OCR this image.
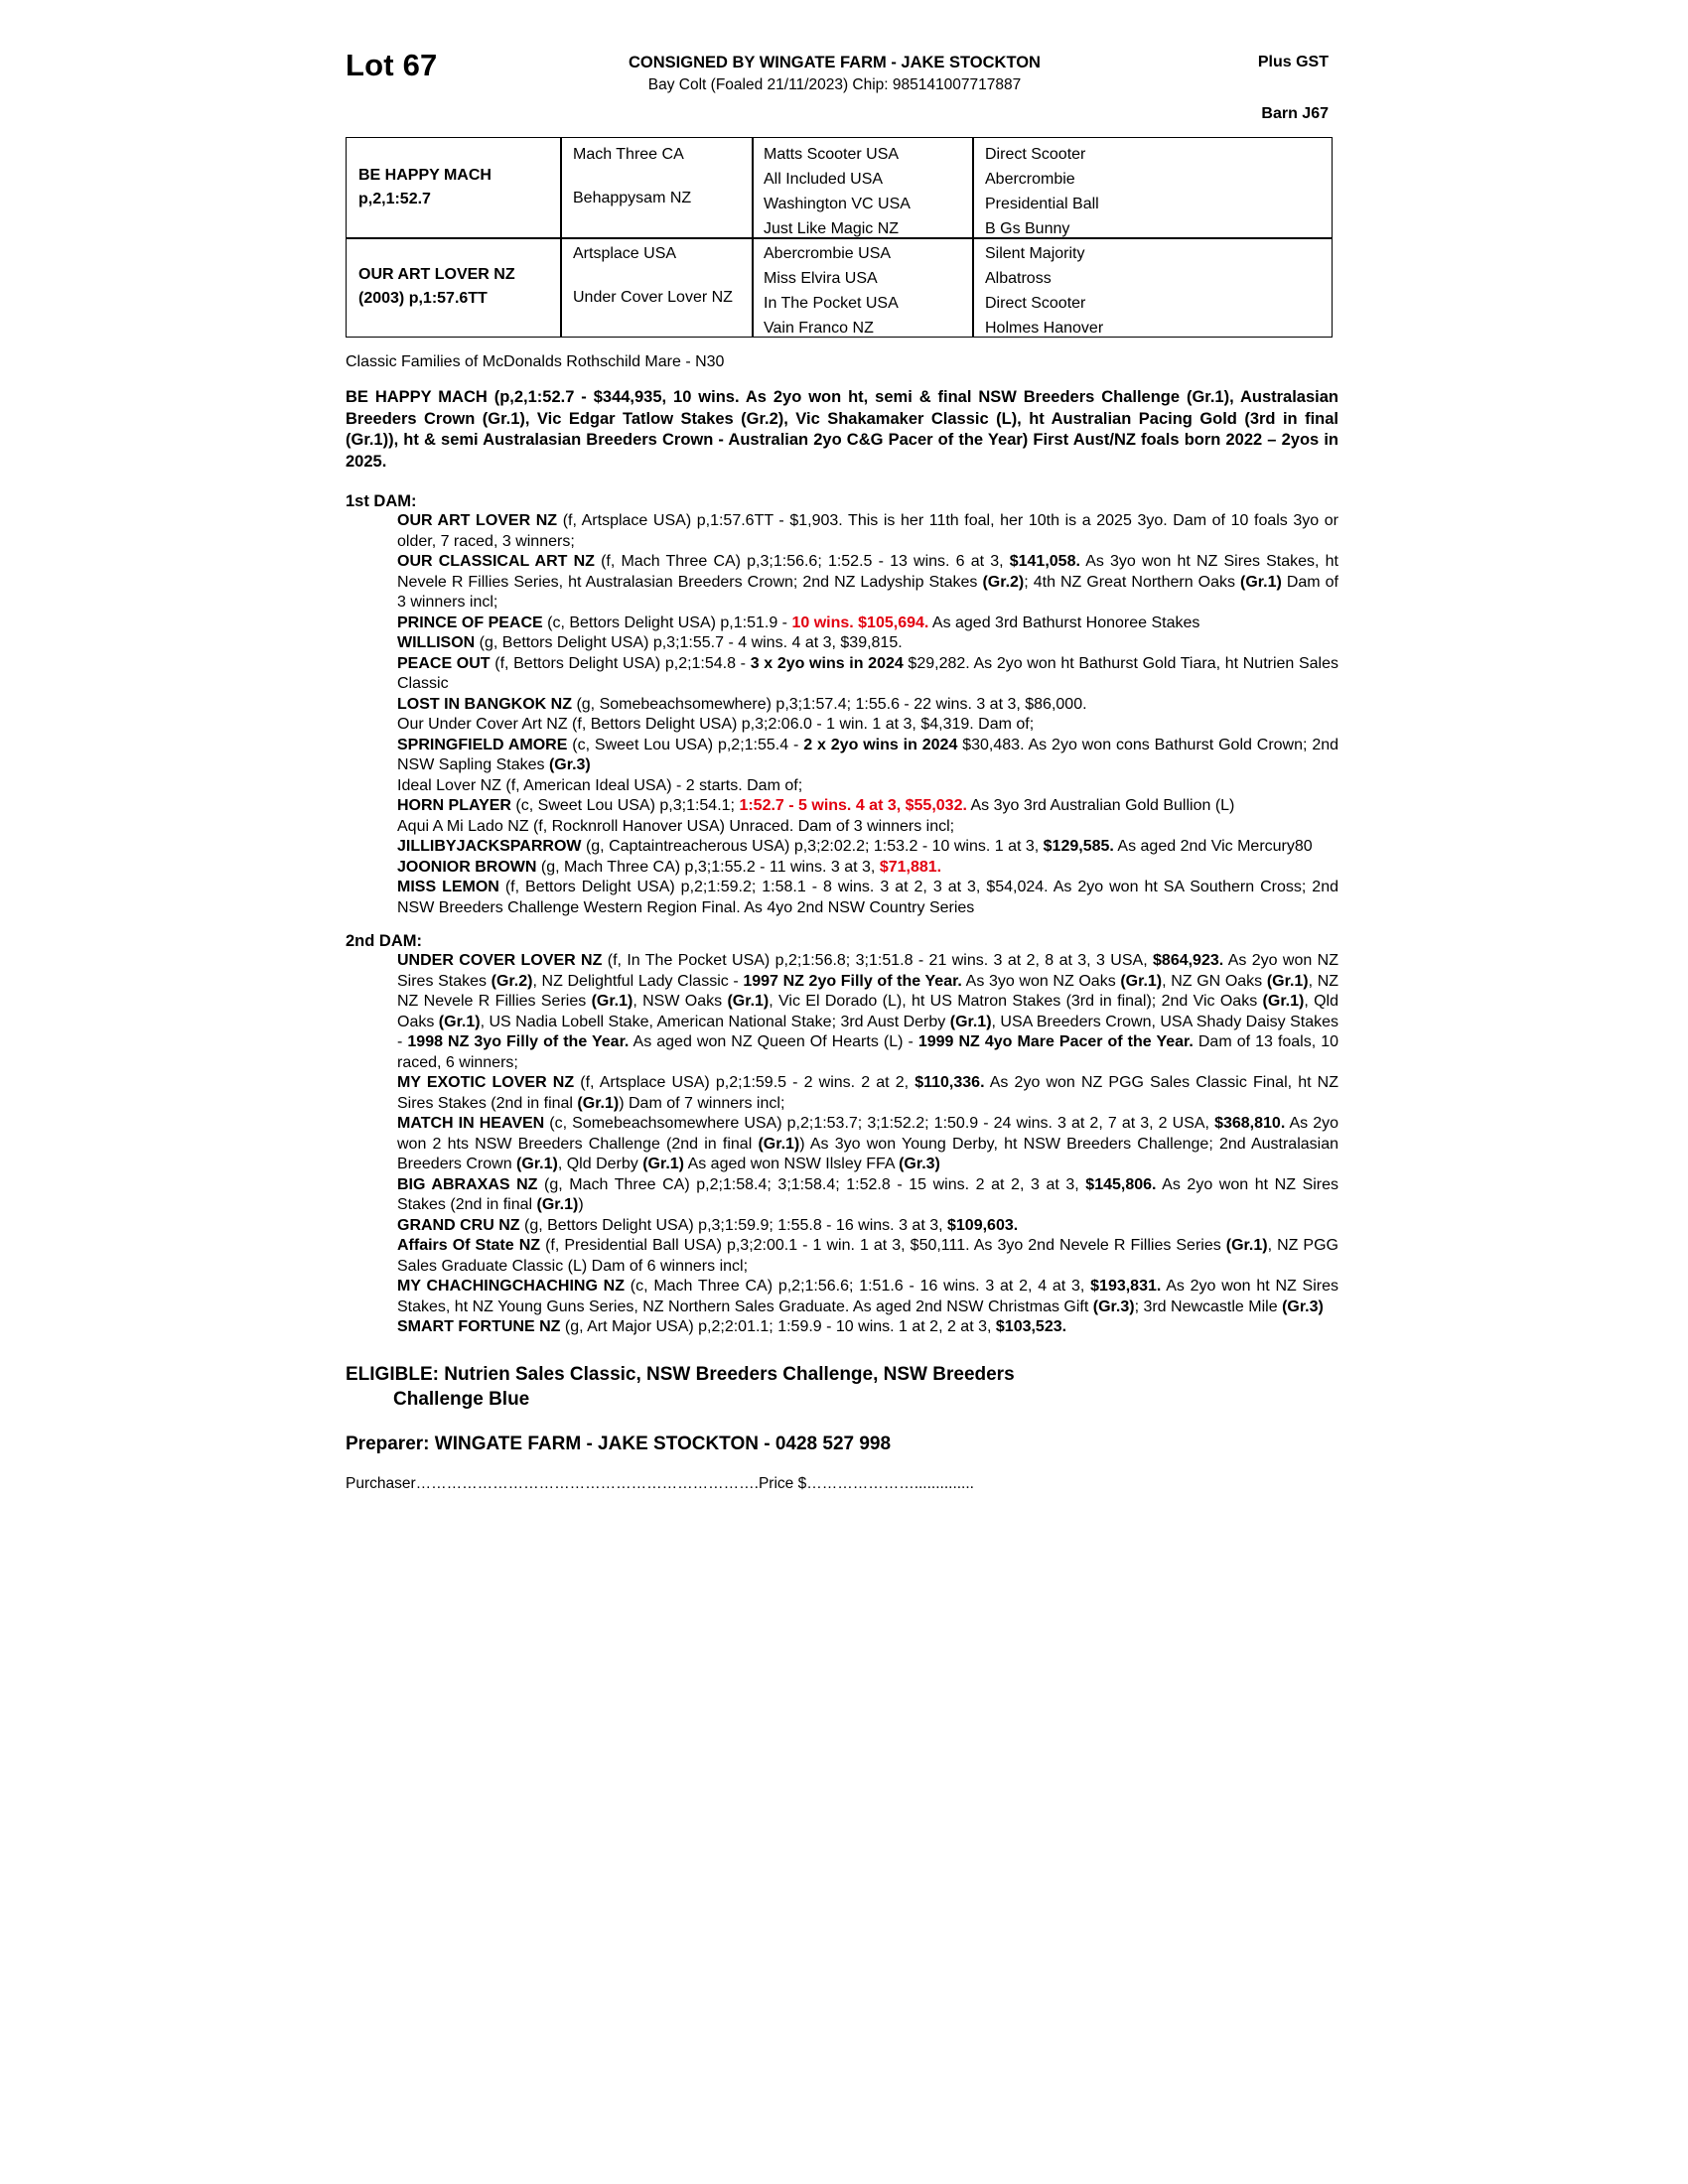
Lot 67	CONSIGNED BY WINGATE FARM - JAKE STOCKTON
Bay Colt (Foaled 21/11/2023) Chip: 985141007717887
Plus GST
Barn J67
BE HAPPY MACH
p,2,1:52.7
OUR ART LOVER NZ
(2003) p,1:57.6TT
Mach Three CA
Behappysam NZ
Artsplace USA
Under Cover Lover NZ
Matts Scooter USA
All Included USA
Washington VC USA
Just Like Magic NZ
Abercrombie USA
Miss Elvira USA
In The Pocket USA
Vain Franco NZ
Direct Scooter
Abercrombie
Presidential Ball
B Gs Bunny
Silent Majority
Albatross
Direct Scooter
Holmes Hanover
Classic Families of McDonalds Rothschild Mare - N30
BE HAPPY MACH (p,2,1:52.7 - $344,935, 10 wins. As 2yo won ht, semi & final NSW Breeders Challenge (Gr.1), Australasian Breeders Crown (Gr.1), Vic Edgar Tatlow Stakes (Gr.2), Vic Shakamaker Classic (L), ht Australian Pacing Gold (3rd in final (Gr.1)), ht & semi Australasian Breeders Crown - Australian 2yo C&G Pacer of the Year) First Aust/NZ foals born 2022 – 2yos in 2025.
1st DAM:

OUR ART LOVER NZ (f, Artsplace USA) p,1:57.6TT - $1,903. This is her 11th foal, her 10th is a 2025 3yo. Dam of 10 foals 3yo or older, 7 raced, 3 winners;

OUR CLASSICAL ART NZ (f, Mach Three CA) p,3;1:56.6; 1:52.5 - 13 wins. 6 at 3, $141,058. As 3yo won ht NZ Sires Stakes, ht Nevele R Fillies Series, ht Australasian Breeders Crown; 2nd NZ Ladyship Stakes (Gr.2); 4th NZ Great Northern Oaks (Gr.1) Dam of 3 winners incl;

PRINCE OF PEACE (c, Bettors Delight USA) p,1:51.9 - 10 wins. $105,694. As aged 3rd Bathurst Honoree Stakes

WILLISON (g, Bettors Delight USA) p,3;1:55.7 - 4 wins. 4 at 3, $39,815.

PEACE OUT (f, Bettors Delight USA) p,2;1:54.8 - 3 x 2yo wins in 2024 $29,282. As 2yo won ht Bathurst Gold Tiara, ht Nutrien Sales Classic

LOST IN BANGKOK NZ (g, Somebeachsomewhere) p,3;1:57.4; 1:55.6 - 22 wins. 3 at 3, $86,000.

Our Under Cover Art NZ (f, Bettors Delight USA) p,3;2:06.0 - 1 win. 1 at 3, $4,319. Dam of;

SPRINGFIELD AMORE (c, Sweet Lou USA) p,2;1:55.4 - 2 x 2yo wins in 2024 $30,483. As 2yo won cons Bathurst Gold Crown; 2nd NSW Sapling Stakes (Gr.3)

Ideal Lover NZ (f, American Ideal USA) - 2 starts. Dam of;

HORN PLAYER (c, Sweet Lou USA) p,3;1:54.1; 1:52.7 - 5 wins. 4 at 3, $55,032. As 3yo 3rd Australian Gold Bullion (L)

Aqui A Mi Lado NZ (f, Rocknroll Hanover USA) Unraced. Dam of 3 winners incl;

JILLIBYJACKSPARROW (g, Captaintreacherous USA) p,3;2:02.2; 1:53.2 - 10 wins. 1 at 3, $129,585. As aged 2nd Vic Mercury80

JOONIOR BROWN (g, Mach Three CA) p,3;1:55.2 - 11 wins. 3 at 3, $71,881.

MISS LEMON (f, Bettors Delight USA) p,2;1:59.2; 1:58.1 - 8 wins. 3 at 2, 3 at 3, $54,024. As 2yo won ht SA Southern Cross; 2nd NSW Breeders Challenge Western Region Final. As 4yo 2nd NSW Country Series

2nd DAM:

UNDER COVER LOVER NZ (f, In The Pocket USA) p,2;1:56.8; 3;1:51.8 - 21 wins. 3 at 2, 8 at 3, 3 USA, $864,923. As 2yo won NZ Sires Stakes (Gr.2), NZ Delightful Lady Classic - 1997 NZ 2yo Filly of the Year. As 3yo won NZ Oaks (Gr.1), NZ GN Oaks (Gr.1), NZ NZ Nevele R Fillies Series (Gr.1), NSW Oaks (Gr.1), Vic El Dorado (L), ht US Matron Stakes (3rd in final); 2nd Vic Oaks (Gr.1), Qld Oaks (Gr.1), US Nadia Lobell Stake, American National Stake; 3rd Aust Derby (Gr.1), USA Breeders Crown, USA Shady Daisy Stakes - 1998 NZ 3yo Filly of the Year. As aged won NZ Queen Of Hearts (L) - 1999 NZ 4yo Mare Pacer of the Year. Dam of 13 foals, 10 raced, 6 winners;

MY EXOTIC LOVER NZ (f, Artsplace USA) p,2;1:59.5 - 2 wins. 2 at 2, $110,336. As 2yo won NZ PGG Sales Classic Final, ht NZ Sires Stakes (2nd in final (Gr.1)) Dam of 7 winners incl;

MATCH IN HEAVEN (c, Somebeachsomewhere USA) p,2;1:53.7; 3;1:52.2; 1:50.9 - 24 wins. 3 at 2, 7 at 3, 2 USA, $368,810. As 2yo won 2 hts NSW Breeders Challenge (2nd in final (Gr.1)) As 3yo won Young Derby, ht NSW Breeders Challenge; 2nd Australasian Breeders Crown (Gr.1), Qld Derby (Gr.1) As aged won NSW Ilsley FFA (Gr.3)

BIG ABRAXAS NZ (g, Mach Three CA) p,2;1:58.4; 3;1:58.4; 1:52.8 - 15 wins. 2 at 2, 3 at 3, $145,806. As 2yo won ht NZ Sires Stakes (2nd in final (Gr.1))

GRAND CRU NZ (g, Bettors Delight USA) p,3;1:59.9; 1:55.8 - 16 wins. 3 at 3, $109,603.

Affairs Of State NZ (f, Presidential Ball USA) p,3;2:00.1 - 1 win. 1 at 3, $50,111. As 3yo 2nd Nevele R Fillies Series (Gr.1), NZ PGG Sales Graduate Classic (L) Dam of 6 winners incl;

MY CHACHINGCHACHING NZ (c, Mach Three CA) p,2;1:56.6; 1:51.6 - 16 wins. 3 at 2, 4 at 3, $193,831. As 2yo won ht NZ Sires Stakes, ht NZ Young Guns Series, NZ Northern Sales Graduate. As aged 2nd NSW Christmas Gift (Gr.3); 3rd Newcastle Mile (Gr.3)

SMART FORTUNE NZ (g, Art Major USA) p,2;2:01.1; 1:59.9 - 10 wins. 1 at 2, 2 at 3, $103,523.

ELIGIBLE: Nutrien Sales Classic, NSW Breeders Challenge, NSW Breeders
Challenge Blue
Preparer: WINGATE FARM - JAKE STOCKTON - 0428 527 998
Purchaser………………………………………………………….Price $…………………..............
